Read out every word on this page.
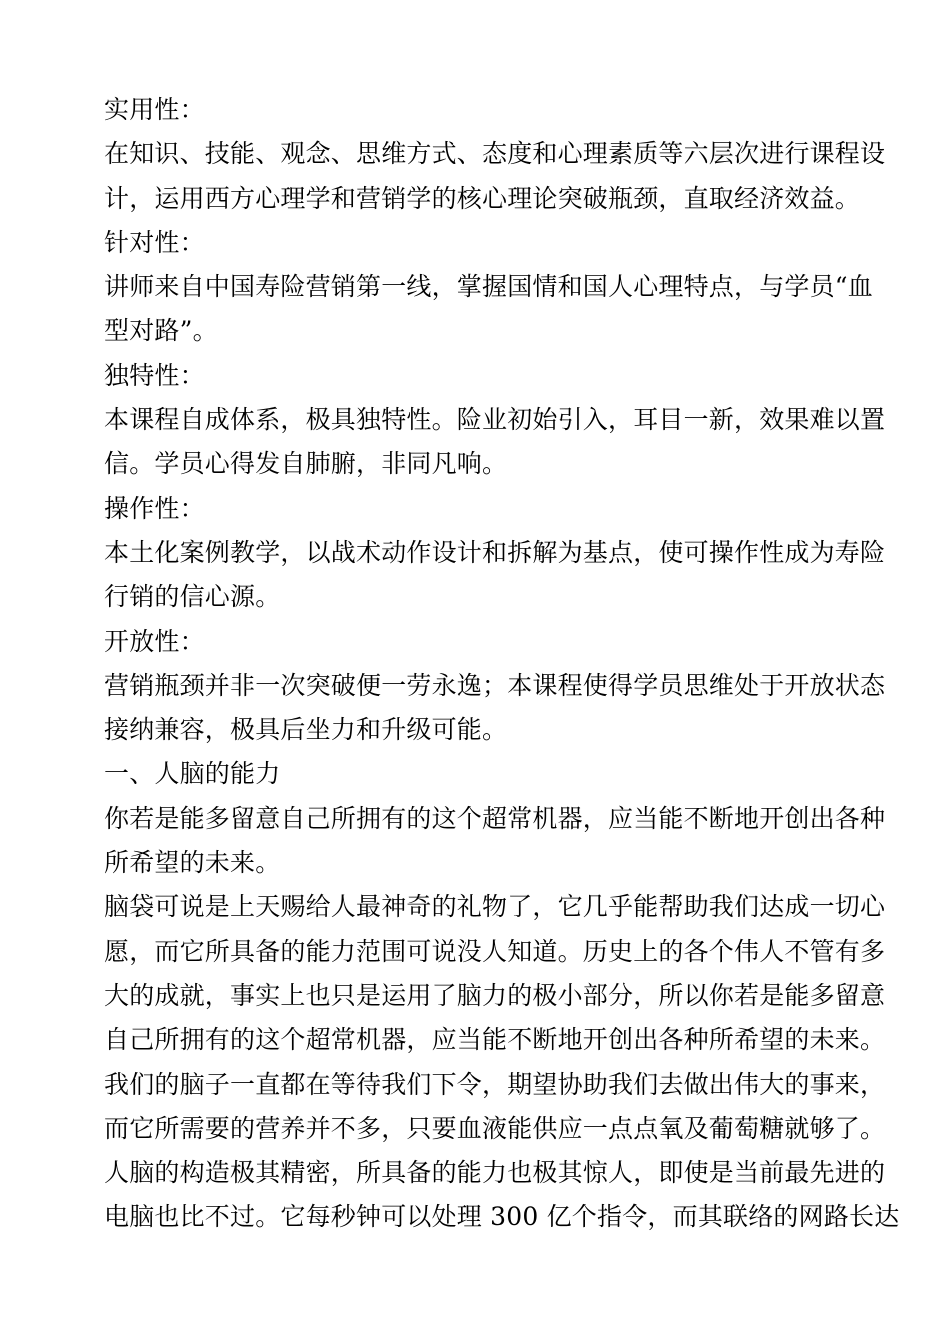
实用性：
在知识、技能、观念、思维方式、态度和心理素质等六层次进行课程设
计，运用西方心理学和营销学的核心理论突破瓶颈，直取经济效益。
针对性：
讲师来自中国寿险营销第一线，掌握国情和国人心理特点，与学员“血
型对路”。
独特性：
本课程自成体系，极具独特性。险业初始引入，耳目一新，效果难以置
信。学员心得发自肺腑，非同凡响。
操作性：
本土化案例教学，以战术动作设计和拆解为基点，使可操作性成为寿险
行销的信心源。
开放性：
营销瓶颈并非一次突破便一劳永逸；本课程使得学员思维处于开放状态
接纳兼容，极具后坐力和升级可能。
一、人脑的能力
你若是能多留意自己所拥有的这个超常机器，应当能不断地开创出各种
所希望的未来。
脑袋可说是上天赐给人最神奇的礼物了，它几乎能帮助我们达成一切心
愿，而它所具备的能力范围可说没人知道。历史上的各个伟人不管有多
大的成就，事实上也只是运用了脑力的极小部分，所以你若是能多留意
自己所拥有的这个超常机器，应当能不断地开创出各种所希望的未来。
我们的脑子一直都在等待我们下令，期望协助我们去做出伟大的事来，
而它所需要的营养并不多，只要血液能供应一点点氧及葡萄糖就够了。
人脑的构造极其精密，所具备的能力也极其惊人，即使是当前最先进的
电脑也比不过。它每秒钟可以处理 300 亿个指令，而其联络的网路长达
